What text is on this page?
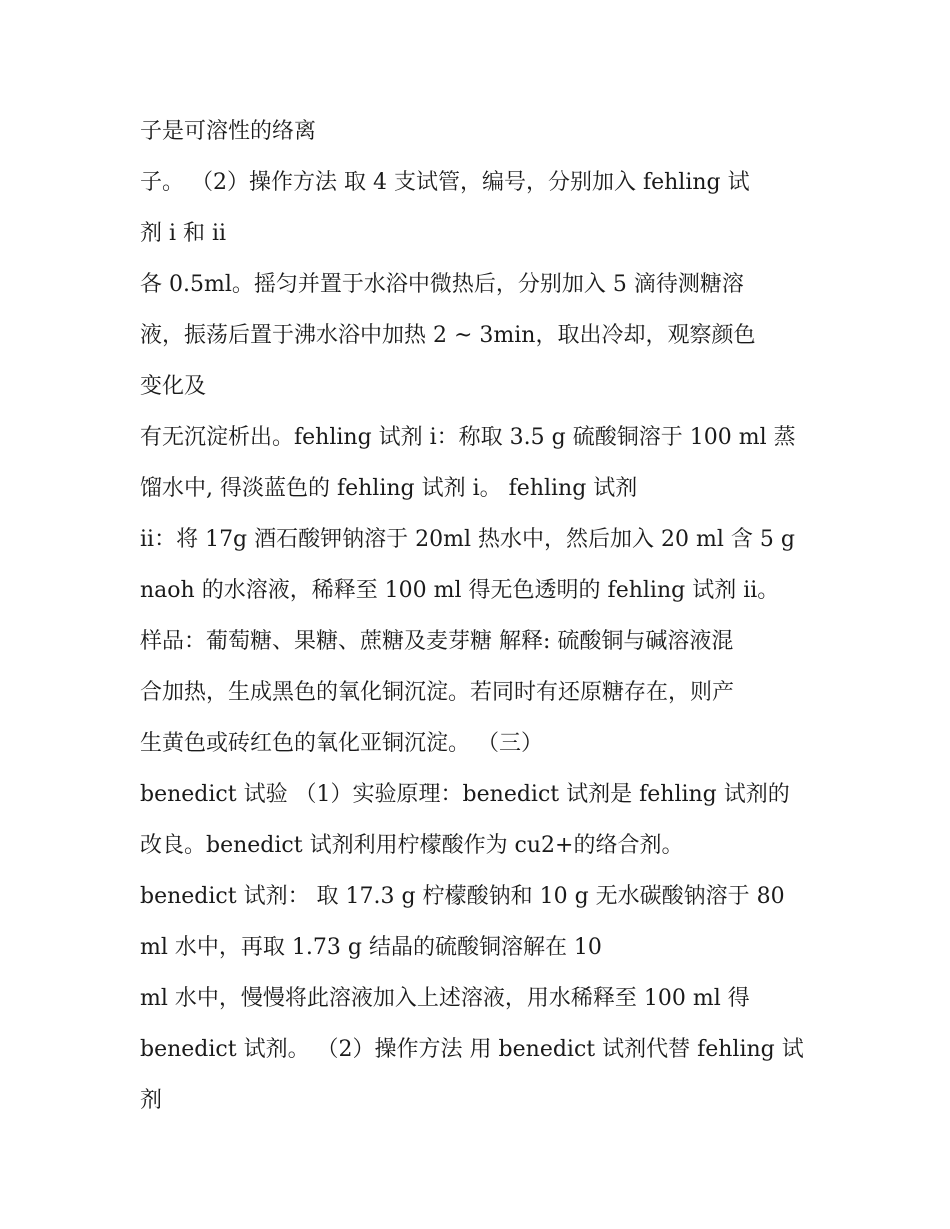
子是可溶性的络离
子。 （2）操作方法 取 4 支试管，编号，分别加入 fehling 试
剂 i 和 ii
各 0.5ml。摇匀并置于水浴中微热后，分别加入 5 滴待测糖溶
液，振荡后置于沸水浴中加热 2 ~ 3min，取出冷却，观察颜色
变化及
有无沉淀析出。fehling 试剂 i：称取 3.5 g 硫酸铜溶于 100 ml 蒸
馏水中, 得淡蓝色的 fehling 试剂 i。 fehling 试剂
ii：将 17g 酒石酸钾钠溶于 20ml 热水中，然后加入 20 ml 含 5 g
naoh 的水溶液，稀释至 100 ml 得无色透明的 fehling 试剂 ii。
样品：葡萄糖、果糖、蔗糖及麦芽糖 解释: 硫酸铜与碱溶液混
合加热，生成黑色的氧化铜沉淀。若同时有还原糖存在，则产
生黄色或砖红色的氧化亚铜沉淀。 （三）
benedict 试验 （1）实验原理：benedict 试剂是 fehling 试剂的
改良。benedict 试剂利用柠檬酸作为 cu2+的络合剂。
benedict 试剂： 取 17.3 g 柠檬酸钠和 10 g 无水碳酸钠溶于 80
ml 水中，再取 1.73 g 结晶的硫酸铜溶解在 10
ml 水中，慢慢将此溶液加入上述溶液，用水稀释至 100 ml 得
benedict 试剂。 （2）操作方法 用 benedict 试剂代替 fehling 试
剂
